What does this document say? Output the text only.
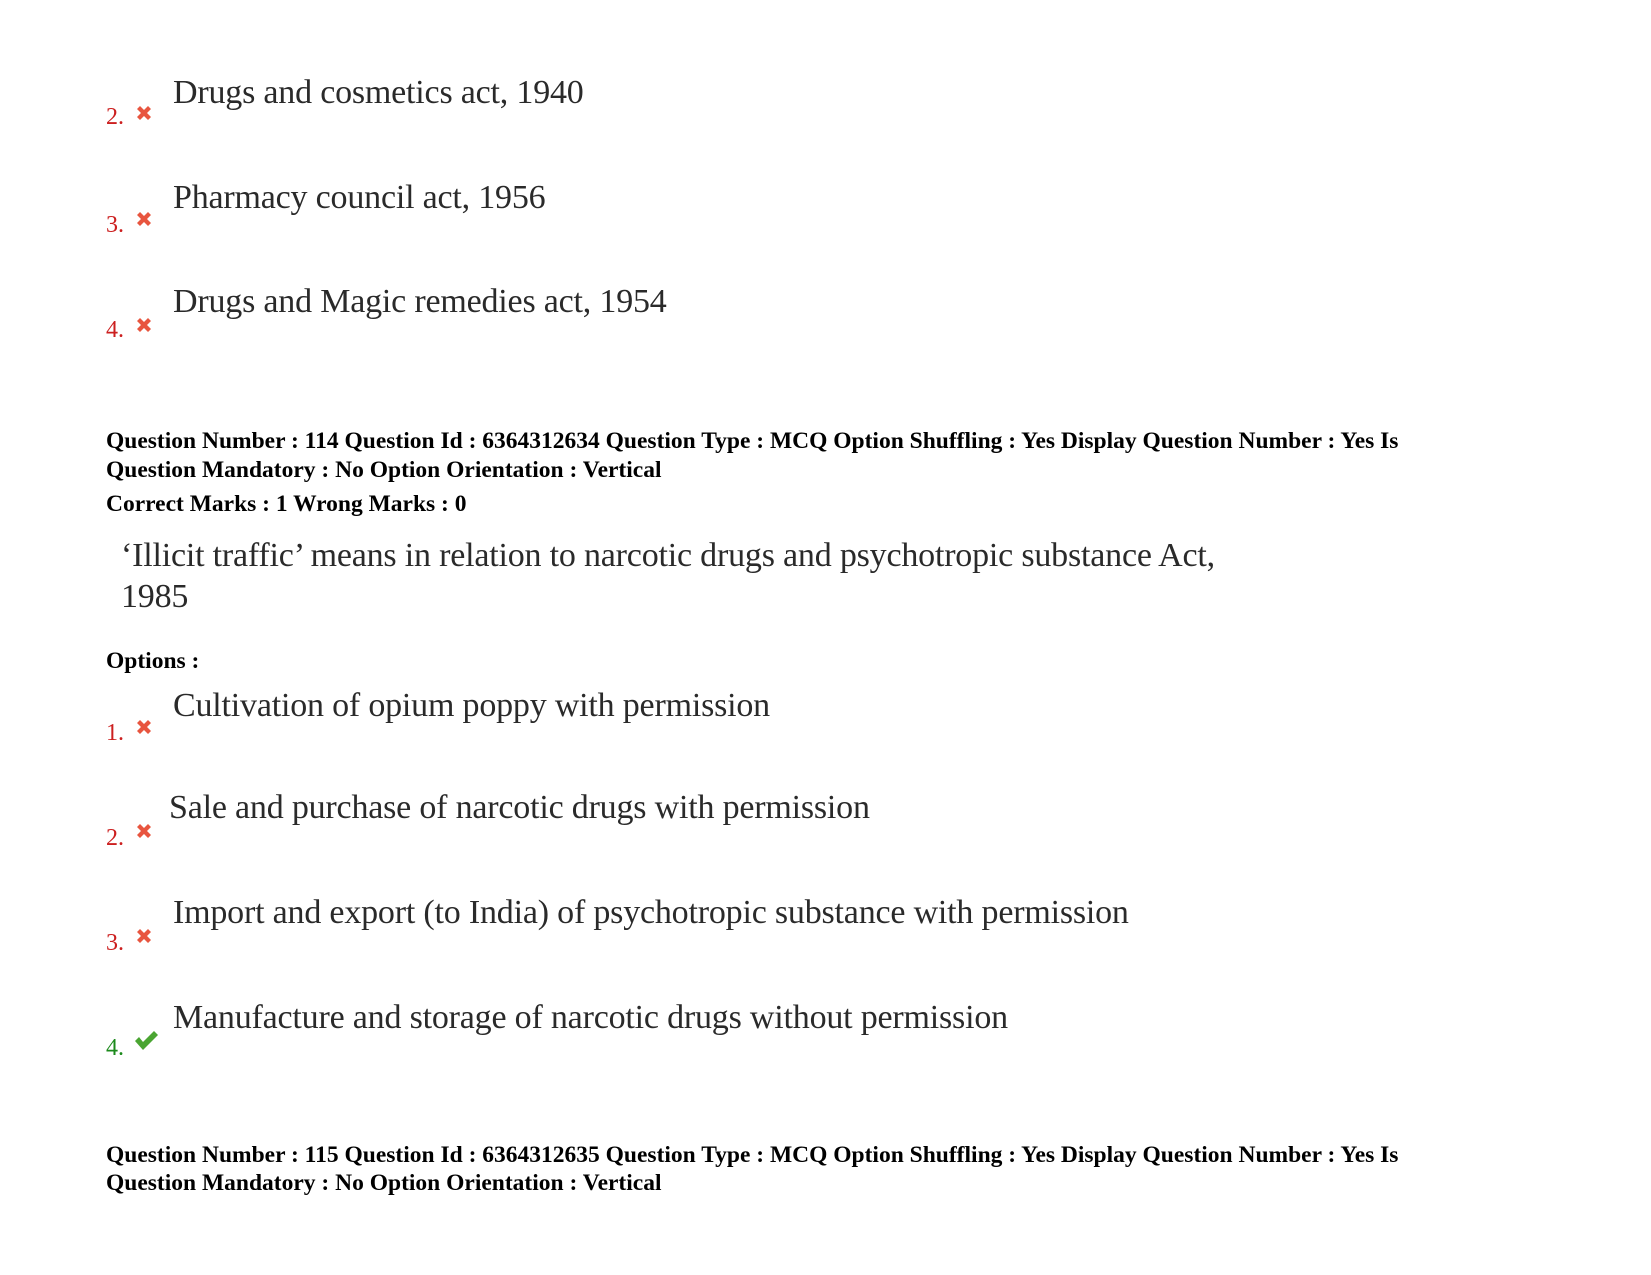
2.
Drugs and cosmetics act, 1940
3.
Pharmacy council act, 1956
4.
Drugs and Magic remedies act, 1954
Question Number : 114 Question Id : 6364312634 Question Type : MCQ Option Shuffling : Yes Display Question Number : Yes Is
Question Mandatory : No Option Orientation : Vertical
Correct Marks : 1 Wrong Marks : 0
‘Illicit traffic’ means in relation to narcotic drugs and psychotropic substance Act,
1985
Options :
1.
Cultivation of opium poppy with permission
2.
Sale and purchase of narcotic drugs with permission
3.
Import and export (to India) of psychotropic substance with permission
4.
Manufacture and storage of narcotic drugs without permission
Question Number : 115 Question Id : 6364312635 Question Type : MCQ Option Shuffling : Yes Display Question Number : Yes Is
Question Mandatory : No Option Orientation : Vertical
